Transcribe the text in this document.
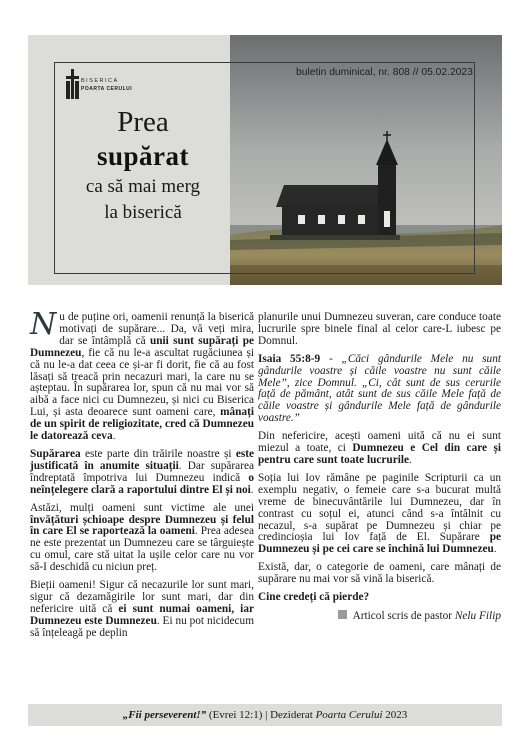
BISERICA
POARTA CERULUI
buletin duminical, nr. 808 // 05.02.2023
Prea
supărat
ca să mai merg
la biserică

Nu de puține ori, oamenii renunță la biserică motivați de supărare... Da, vă veți mira, dar se întâmplă că unii sunt supărați pe Dumnezeu, fie că nu le-a ascultat rugăciunea și că nu le-a dat ceea ce și-ar fi dorit, fie că au fost lăsați să treacă prin necazuri mari, la care nu se așteptau. În supărarea lor, spun că nu mai vor să aibă a face nici cu Dumnezeu, și nici cu Biserica Lui, și asta deoarece sunt oameni care, mânați de un spirit de religiozitate, cred că Dumnezeu le datorează ceva.

Supărarea este parte din trăirile noastre și este justificată în anumite situații. Dar supărarea îndreptată împotriva lui Dumnezeu indică o neînțelegere clară a raportului dintre El și noi.

Astăzi, mulți oameni sunt victime ale unei învățături șchioape despre Dumnezeu și felul în care El se raportează la oameni. Prea adesea ne este prezentat un Dumnezeu care se târguiește cu omul, care stă uitat la ușile celor care nu vor să-I deschidă cu niciun preț.

Bieții oameni! Sigur că necazurile lor sunt mari, sigur că dezamăgirile lor sunt mari, dar din nefericire uită că ei sunt numai oameni, iar Dumnezeu este Dumnezeu. Ei nu pot nicidecum să înțeleagă pe deplin

planurile unui Dumnezeu suveran, care conduce toate lucrurile spre binele final al celor care-L iubesc pe Domnul.

Isaia 55:8-9 - „Căci gândurile Mele nu sunt gândurile voastre și căile voastre nu sunt căile Mele”, zice Domnul. „Ci, cât sunt de sus cerurile față de pământ, atât sunt de sus căile Mele față de căile voastre și gândurile Mele față de gândurile voastre.”

Din nefericire, acești oameni uită că nu ei sunt miezul a toate, ci Dumnezeu e Cel din care și pentru care sunt toate lucrurile.

Soția lui Iov rămâne pe paginile Scripturii ca un exemplu negativ, o femeie care s-a bucurat multă vreme de binecuvântările lui Dumnezeu, dar în contrast cu soțul ei, atunci când s-a întâlnit cu necazul, s-a supărat pe Dumnezeu și chiar pe credincioșia lui Iov față de El. Supărare pe Dumnezeu și pe cei care se închină lui Dumnezeu.

Există, dar, o categorie de oameni, care mânați de supărare nu mai vor să vină la biserică.

Cine credeți că pierde?

Articol scris de pastor Nelu Filip

„Fii perseverent!” (Evrei 12:1) | Deziderat Poarta Cerului 2023
